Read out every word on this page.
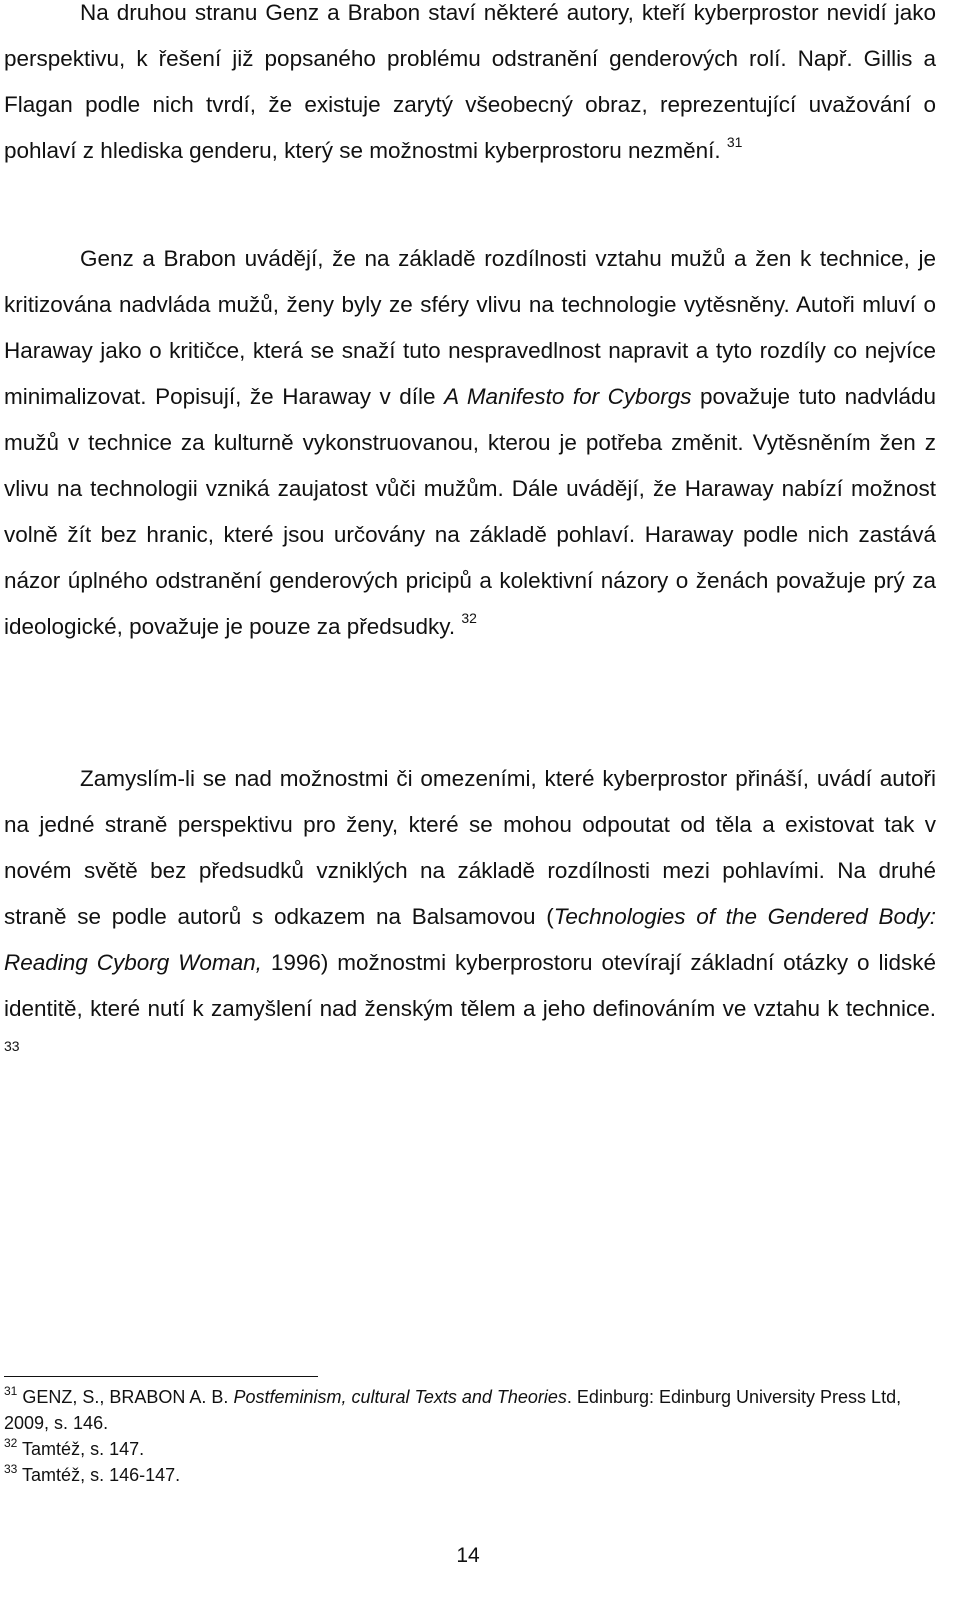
Na druhou stranu Genz a Brabon staví některé autory, kteří kyberprostor nevidí jako perspektivu, k řešení již popsaného problému odstranění genderových rolí. Např. Gillis a Flagan podle nich tvrdí, že existuje zarytý všeobecný obraz, reprezentující uvažování o pohlaví z hlediska genderu, který se možnostmi kyberprostoru nezmění. $^{31}$

Genz a Brabon uvádějí, že na základě rozdílnosti vztahu mužů a žen k technice, je kritizována nadvláda mužů, ženy byly ze sféry vlivu na technologie vytěsněny. Autoři mluví o Haraway jako o kritičce, která se snaží tuto nespravedlnost napravit a tyto rozdíly co nejvíce minimalizovat. Popisují, že Haraway v díle A Manifesto for Cyborgs považuje tuto nadvládu mužů v technice za kulturně vykonstruovanou, kterou je potřeba změnit. Vytěsněním žen z vlivu na technologii vzniká zaujatost vůči mužům. Dále uvádějí, že Haraway nabízí možnost volně žít bez hranic, které jsou určovány na základě pohlaví. Haraway podle nich zastává názor úplného odstranění genderových pricipů a kolektivní názory o ženách považuje prý za ideologické, považuje je pouze za předsudky. $^{32}$

Zamyslím-li se nad možnostmi či omezeními, které kyberprostor přináší, uvádí autoři na jedné straně perspektivu pro ženy, které se mohou odpoutat od těla a existovat tak v novém světě bez předsudků vzniklých na základě rozdílnosti mezi pohlavími. Na druhé straně se podle autorů s odkazem na Balsamovou (Technologies of the Gendered Body: Reading Cyborg Woman, 1996) možnostmi kyberprostoru otevírají základní otázky o lidské identitě, které nutí k zamyšlení nad ženským tělem a jeho definováním ve vztahu k technice. $^{33}$

$^{31}$ GENZ, S., BRABON A. B. Postfeminism, cultural Texts and Theories. Edinburg: Edinburg University Press Ltd, 2009, s. 146.

$^{32}$ Tamtéž, s. 147.

$^{33}$ Tamtéž, s. 146-147.

14
